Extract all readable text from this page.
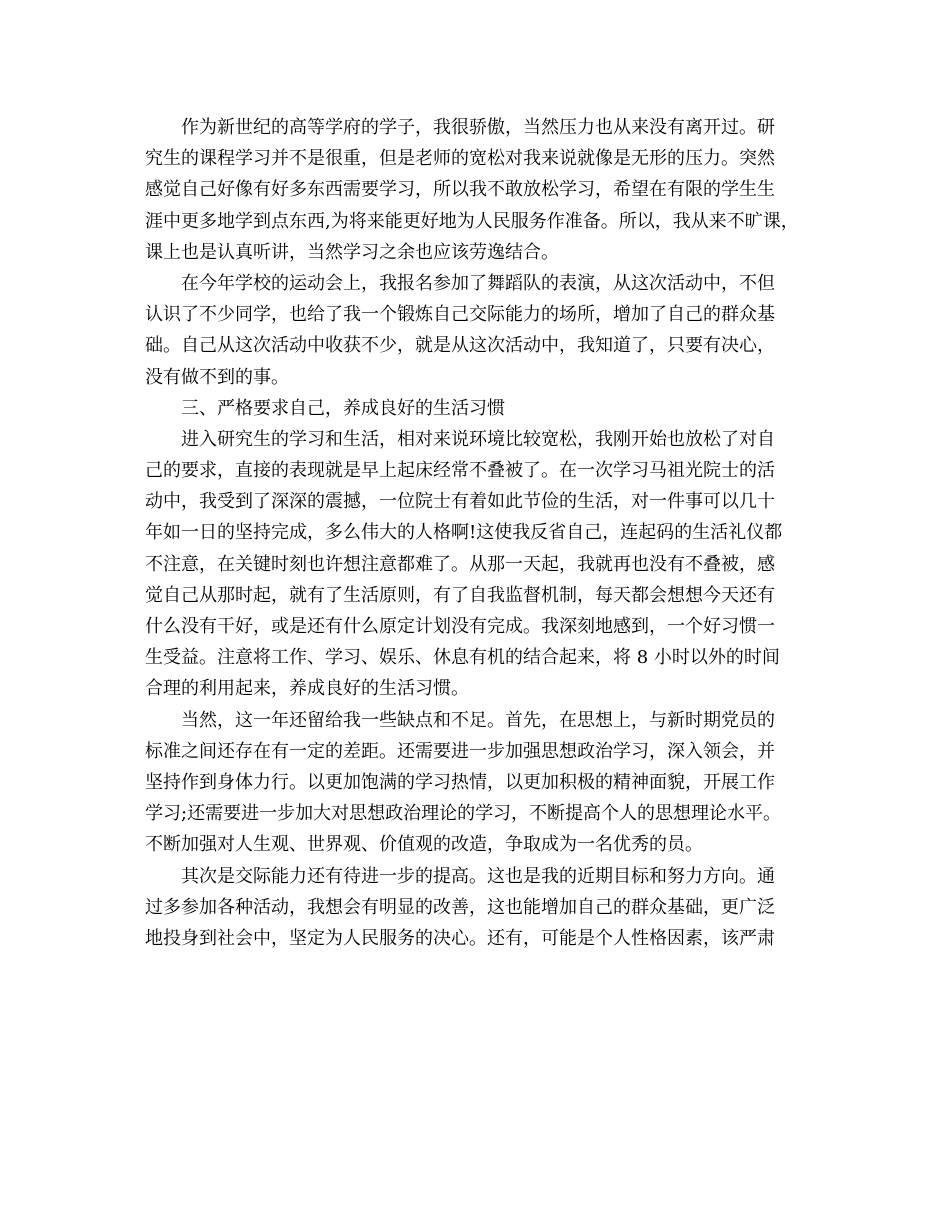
作为新世纪的高等学府的学子，我很骄傲，当然压力也从来没有离开过。研
究生的课程学习并不是很重，但是老师的宽松对我来说就像是无形的压力。突然
感觉自己好像有好多东西需要学习，所以我不敢放松学习，希望在有限的学生生
涯中更多地学到点东西,为将来能更好地为人民服务作准备。所以，我从来不旷课，
课上也是认真听讲，当然学习之余也应该劳逸结合。
在今年学校的运动会上，我报名参加了舞蹈队的表演，从这次活动中，不但
认识了不少同学，也给了我一个锻炼自己交际能力的场所，增加了自己的群众基
础。自己从这次活动中收获不少，就是从这次活动中，我知道了，只要有决心，
没有做不到的事。
三、严格要求自己，养成良好的生活习惯
进入研究生的学习和生活，相对来说环境比较宽松，我刚开始也放松了对自
己的要求，直接的表现就是早上起床经常不叠被了。在一次学习马祖光院士的活
动中，我受到了深深的震撼，一位院士有着如此节俭的生活，对一件事可以几十
年如一日的坚持完成，多么伟大的人格啊!这使我反省自己，连起码的生活礼仪都
不注意，在关键时刻也许想注意都难了。从那一天起，我就再也没有不叠被，感
觉自己从那时起，就有了生活原则，有了自我监督机制，每天都会想想今天还有
什么没有干好，或是还有什么原定计划没有完成。我深刻地感到，一个好习惯一
生受益。注意将工作、学习、娱乐、休息有机的结合起来，将 8 小时以外的时间
合理的利用起来，养成良好的生活习惯。
当然，这一年还留给我一些缺点和不足。首先，在思想上，与新时期党员的
标准之间还存在有一定的差距。还需要进一步加强思想政治学习，深入领会，并
坚持作到身体力行。以更加饱满的学习热情，以更加积极的精神面貌，开展工作
学习;还需要进一步加大对思想政治理论的学习，不断提高个人的思想理论水平。
不断加强对人生观、世界观、价值观的改造，争取成为一名优秀的员。
其次是交际能力还有待进一步的提高。这也是我的近期目标和努力方向。通
过多参加各种活动，我想会有明显的改善，这也能增加自己的群众基础，更广泛
地投身到社会中，坚定为人民服务的决心。还有，可能是个人性格因素，该严肃
